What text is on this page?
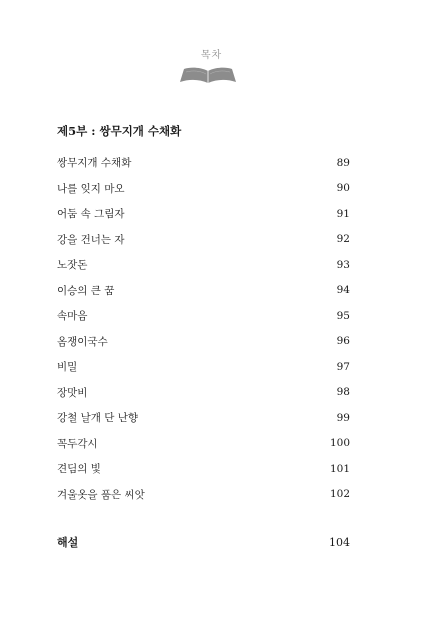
목차
제5부 : 쌍무지개 수채화
쌍무지개 수채화	89
나를 잊지 마오	90
어둠 속 그림자	91
강을 건너는 자	92
노잣돈	93
이승의 큰 꿈	94
속마음	95
옴쟁이국수	96
비밀	97
장맛비	98
강철 날개 단 난향	99
꼭두각시	100
견딤의 빛	101
겨울옷을 품은 씨앗	102
해설	104
